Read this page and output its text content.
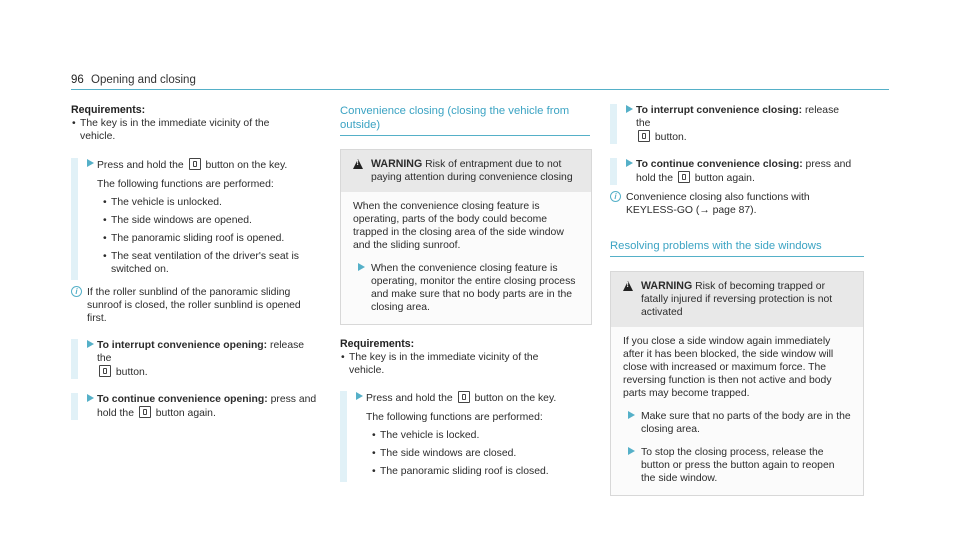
96 Opening and closing
Requirements:
• The key is in the immediate vicinity of the vehicle.
Press and hold the button on the key.
The following functions are performed:
• The vehicle is unlocked.
• The side windows are opened.
• The panoramic sliding roof is opened.
• The seat ventilation of the driver's seat is switched on.
i If the roller sunblind of the panoramic sliding sunroof is closed, the roller sunblind is opened first.
To interrupt convenience opening: release the

button.
To continue convenience opening: press and hold the button again.
Convenience closing (closing the vehicle from outside)
!
WARNING Risk of entrapment due to not paying attention during convenience closing
When the convenience closing feature is operating, parts of the body could become trapped in the closing area of the side window and the sliding sunroof.
When the convenience closing feature is operating, monitor the entire closing process and make sure that no body parts are in the closing area.
Requirements:
• The key is in the immediate vicinity of the vehicle.
Press and hold the button on the key.
The following functions are performed:
• The vehicle is locked.
• The side windows are closed.
• The panoramic sliding roof is closed.
To interrupt convenience closing: release the

button.
To continue convenience closing: press and hold the button again.
i Convenience closing also functions with KEYLESS-GO (→ page 87).
Resolving problems with the side windows
!
WARNING Risk of becoming trapped or fatally injured if reversing protection is not activated
If you close a side window again immediately after it has been blocked, the side window will close with increased or maximum force. The reversing function is then not active and body parts may become trapped.
Make sure that no parts of the body are in the closing area.
To stop the closing process, release the button or press the button again to reopen the side window.
